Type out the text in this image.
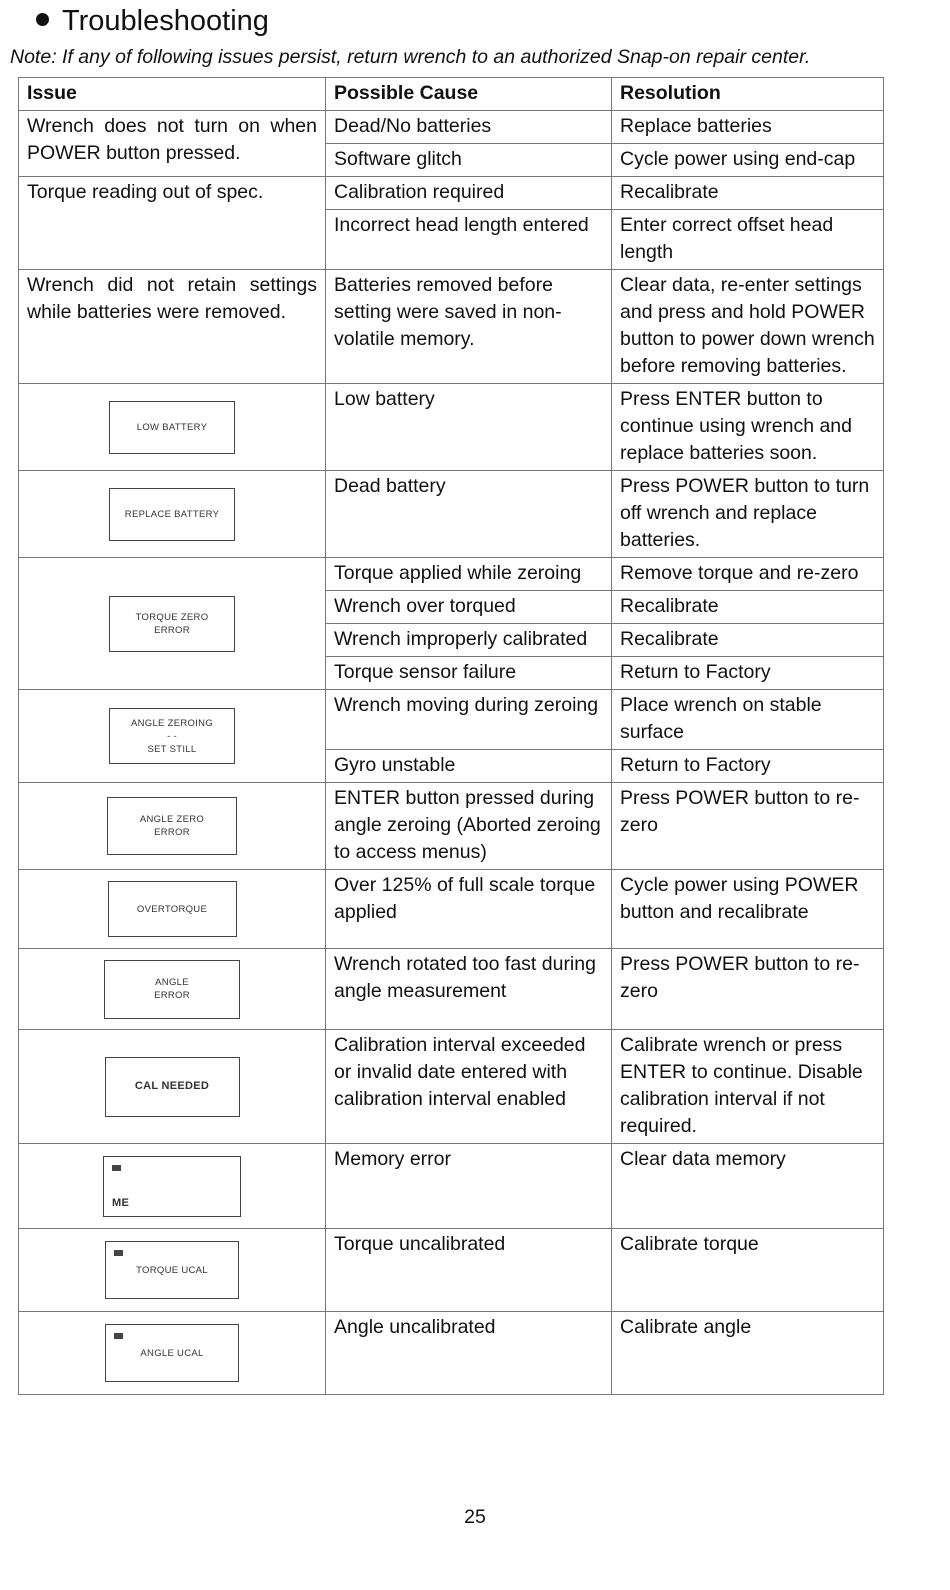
Troubleshooting
Note: If any of following issues persist, return wrench to an authorized Snap-on repair center.
Issue	Possible Cause	Resolution
Wrench does not turn on when POWER button pressed.	Dead/No batteries	Replace batteries
	Software glitch	Cycle power using end-cap
Torque reading out of spec.	Calibration required	Recalibrate
	Incorrect head length entered	Enter correct offset head length
Wrench did not retain settings while batteries were removed.	Batteries removed before setting were saved in non-volatile memory.	Clear data, re-enter settings and press and hold POWER button to power down wrench before removing batteries.

LOW BATTERY	Low battery	Press ENTER button to continue using wrench and replace batteries soon.

REPLACE BATTERY	Dead battery	Press POWER button to turn off wrench and replace batteries.

TORQUE ZERO
ERROR	Torque applied while zeroing	Remove torque and re-zero
	Wrench over torqued	Recalibrate
	Wrench improperly calibrated	Recalibrate
	Torque sensor failure	Return to Factory

ANGLE ZEROING
- -
SET STILL	Wrench moving during zeroing	Place wrench on stable surface
	Gyro unstable	Return to Factory

ANGLE ZERO
ERROR	ENTER button pressed during angle zeroing (Aborted zeroing to access menus)	Press POWER button to re-zero

OVERTORQUE	Over 125% of full scale torque applied	Cycle power using POWER button and recalibrate

ANGLE
ERROR	Wrench rotated too fast during angle measurement	Press POWER button to re-zero

CAL NEEDED	Calibration interval exceeded or invalid date entered with calibration interval enabled	Calibrate wrench or press ENTER to continue. Disable calibration interval if not required.

ME	Memory error	Clear data memory

TORQUE UCAL	Torque uncalibrated	Calibrate torque

ANGLE UCAL	Angle uncalibrated	Calibrate angle
25
